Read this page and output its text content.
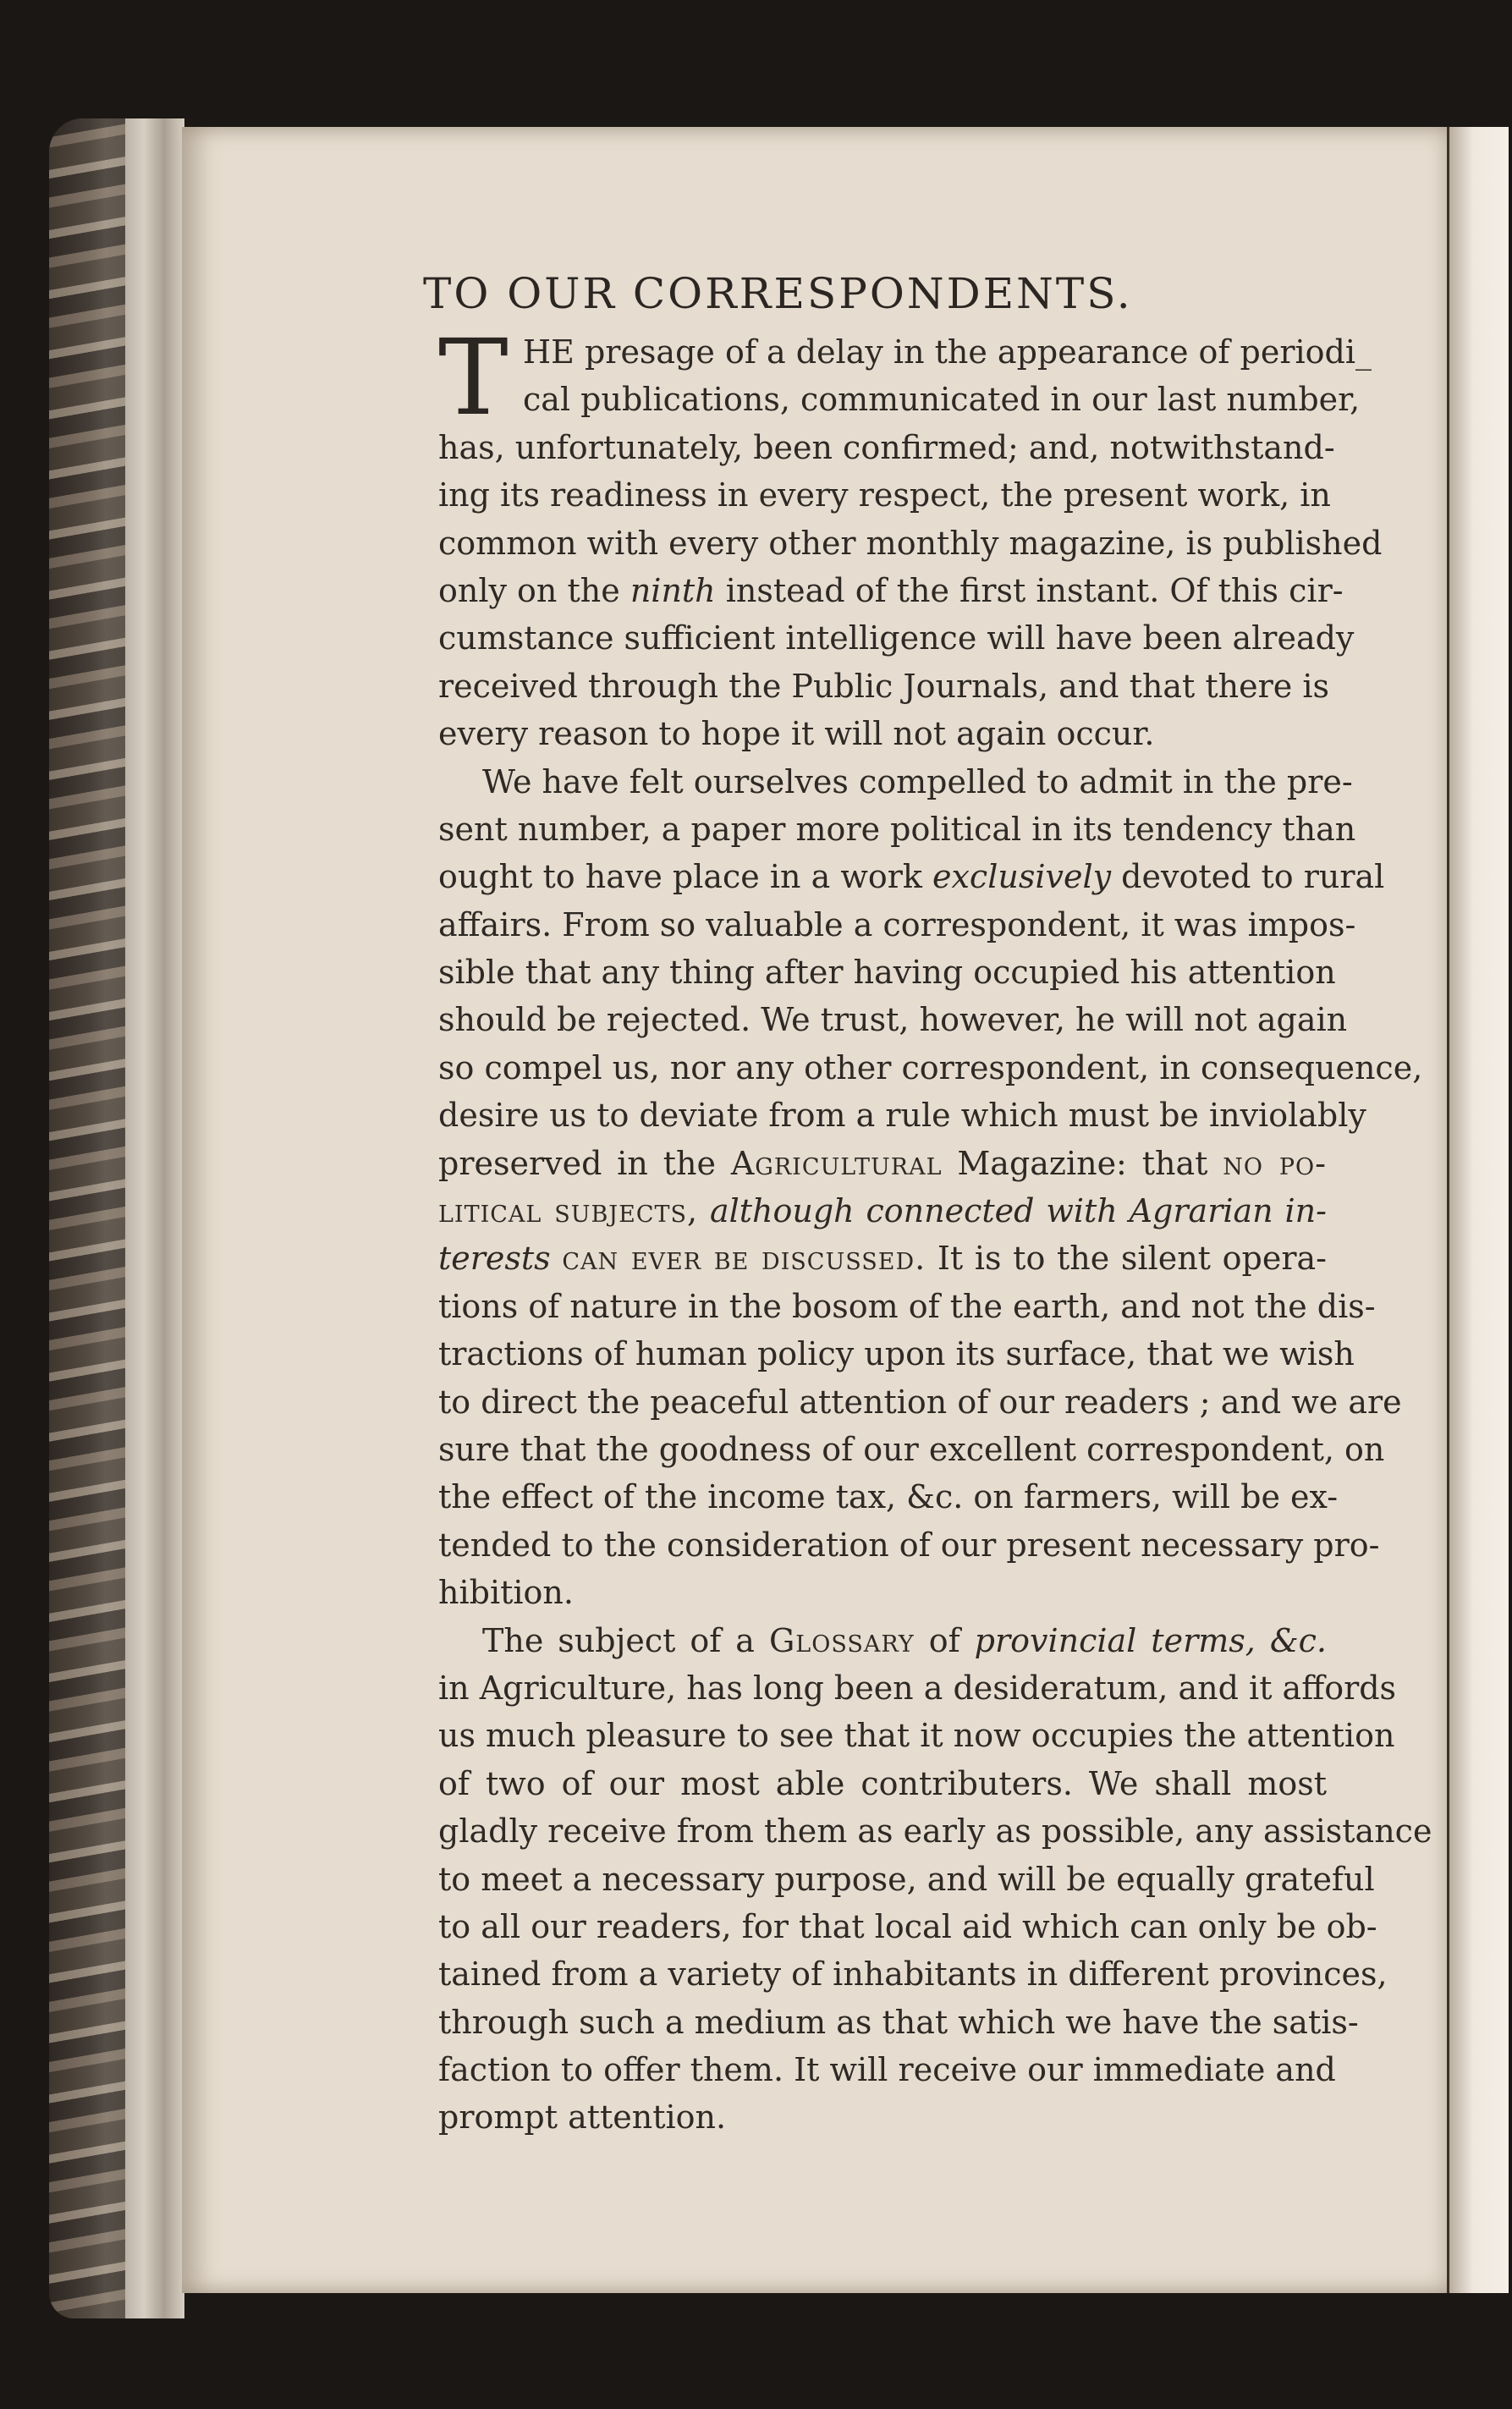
TO OUR CORRESPONDENTS.
T HE presage of a delay in the appearance of periodi_
cal publications, communicated in our last number,
has, unfortunately, been confirmed; and, notwithstand-
ing its readiness in every respect, the present work, in
common with every other monthly magazine, is published
only on the ninth instead of the first instant. Of this cir-
cumstance sufficient intelligence will have been already
received through the Public Journals, and that there is
every reason to hope it will not again occur.
We have felt ourselves compelled to admit in the pre-
sent number, a paper more political in its tendency than
ought to have place in a work exclusively devoted to rural
affairs. From so valuable a correspondent, it was impos-
sible that any thing after having occupied his attention
should be rejected. We trust, however, he will not again
so compel us, nor any other correspondent, in consequence,
desire us to deviate from a rule which must be inviolably
preserved in the Agricultural Magazine: that no po-
litical subjects, although connected with Agrarian in-
terests can ever be discussed. It is to the silent opera-
tions of nature in the bosom of the earth, and not the dis-
tractions of human policy upon its surface, that we wish
to direct the peaceful attention of our readers ; and we are
sure that the goodness of our excellent correspondent, on
the effect of the income tax, &c. on farmers, will be ex-
tended to the consideration of our present necessary pro-
hibition.
The subject of a Glossary of provincial terms, &c.
in Agriculture, has long been a desideratum, and it affords
us much pleasure to see that it now occupies the attention
of two of our most able contributers. We shall most
gladly receive from them as early as possible, any assistance
to meet a necessary purpose, and will be equally grateful
to all our readers, for that local aid which can only be ob-
tained from a variety of inhabitants in different provinces,
through such a medium as that which we have the satis-
faction to offer them. It will receive our immediate and
prompt attention.
